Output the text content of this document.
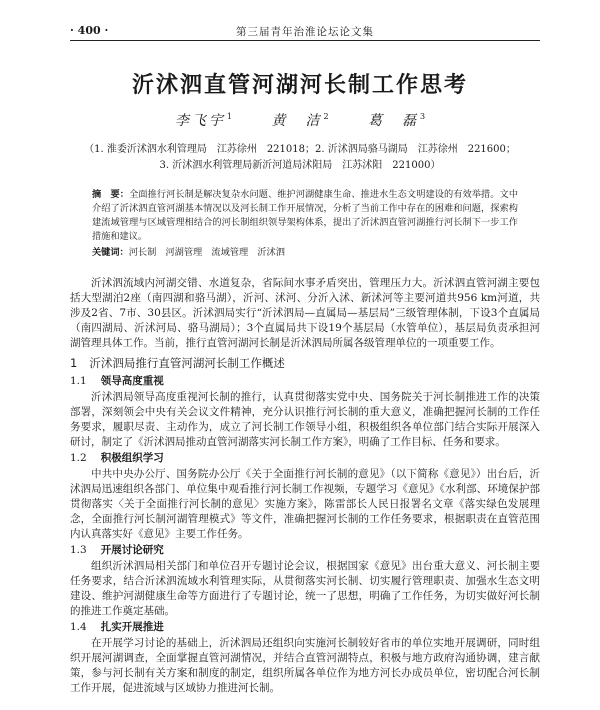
· 400 ·	第三届青年治淮论坛论文集
沂沭泗直管河湖河长制工作思考
李飞宇$^1$	黄　洁$^2$	葛　磊$^3$
（1. 淮委沂沭泗水利管理局　江苏徐州　221018；2. 沂沭泗局骆马湖局　江苏徐州　221600；
3. 沂沭泗水利管理局新沂河道局沭阳局　江苏沭阳　221000）
摘　要：全面推行河长制是解决复杂水问题、维护河湖健康生命、推进水生态文明建设的有效举措。文中介绍了沂沭泗直管河湖基本情况以及河长制工作开展情况，分析了当前工作中存在的困难和问题，探索构建流域管理与区域管理相结合的河长制组织领导架构体系，提出了沂沭泗直管河湖推行河长制下一步工作措施和建议。
关键词：河长制　河湖管理　流域管理　沂沭泗

沂沭泗流域内河湖交错、水道复杂，省际间水事矛盾突出，管理压力大。沂沭泗直管河湖主要包括大型湖泊2座（南四湖和骆马湖），沂河、沭河、分沂入沭、新沭河等主要河道共956 km河道，共涉及2省、7市、30县区。沂沭泗局实行“沂沭泗局—直属局—基层局”三级管理体制，下设3个直属局（南四湖局、沂沭河局、骆马湖局）；3个直属局共下设19个基层局（水管单位），基层局负责承担河湖管理具体工作。当前，推行直管河湖河长制是沂沭泗局所属各级管理单位的一项重要工作。

1 沂沭泗局推行直管河湖河长制工作概述
1.1 领导高度重视

沂沭泗局领导高度重视河长制的推行，认真贯彻落实党中央、国务院关于河长制推进工作的决策部署，深刻领会中央有关会议文件精神，充分认识推行河长制的重大意义，准确把握河长制的工作任务要求，履职尽责、主动作为，成立了河长制工作领导小组，积极组织各单位部门结合实际开展深入研讨，制定了《沂沭泗局推动直管河湖落实河长制工作方案》，明确了工作目标、任务和要求。

1.2 积极组织学习

中共中央办公厅、国务院办公厅《关于全面推行河长制的意见》（以下简称《意见》）出台后，沂沭泗局迅速组织各部门、单位集中观看推行河长制工作视频，专题学习《意见》《水利部、环境保护部贯彻落实〈关于全面推行河长制的意见〉实施方案》，陈雷部长人民日报署名文章《落实绿色发展理念，全面推行河长制河湖管理模式》等文件，准确把握河长制的工作任务要求，根据职责在直管范围内认真落实好《意见》主要工作任务。

1.3 开展讨论研究

组织沂沭泗局相关部门和单位召开专题讨论会议，根据国家《意见》出台重大意义、河长制主要任务要求，结合沂沭泗流域水利管理实际，从贯彻落实河长制、切实履行管理职责、加强水生态文明建设、维护河湖健康生命等方面进行了专题讨论，统一了思想，明确了工作任务，为切实做好河长制的推进工作奠定基础。

1.4 扎实开展推进

在开展学习讨论的基础上，沂沭泗局还组织向实施河长制较好省市的单位实地开展调研，同时组织开展河湖调查，全面掌握直管河湖情况，并结合直管河湖特点，积极与地方政府沟通协调，建言献策，参与河长制有关方案和制度的制定，组织所属各单位作为地方河长办成员单位，密切配合河长制工作开展，促进流域与区域协力推进河长制。
